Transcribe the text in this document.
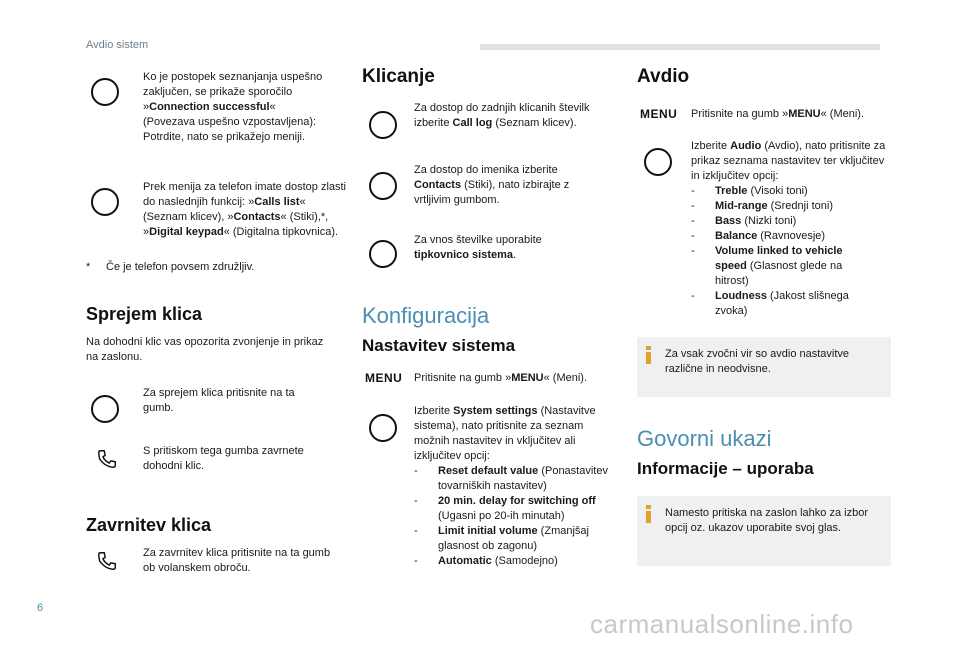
Avdio sistem
Ko je postopek seznanjanja uspešno
zaključen, se prikaže sporočilo
»Connection successful«
(Povezava uspešno vzpostavljena):
Potrdite, nato se prikažejo meniji.
Prek menija za telefon imate dostop zlasti do naslednjih funkcij: »Calls list« (Seznam klicev), »Contacts« (Stiki),*, »Digital keypad« (Digitalna tipkovnica).
* Če je telefon povsem združljiv.
Sprejem klica
Na dohodni klic vas opozorita zvonjenje in prikaz na zaslonu.
Za sprejem klica pritisnite na ta gumb.
S pritiskom tega gumba zavrnete dohodni klic.
Zavrnitev klica
Za zavrnitev klica pritisnite na ta gumb ob volanskem obroču.
Klicanje
Za dostop do zadnjih klicanih številk izberite Call log (Seznam klicev).
Za dostop do imenika izberite Contacts (Stiki), nato izbirajte z vrtljivim gumbom.
Za vnos številke uporabite tipkovnico sistema.
Konfiguracija
Nastavitev sistema
MENU Pritisnite na gumb »MENU« (Meni).
Izberite System settings (Nastavitve sistema), nato pritisnite za seznam možnih nastavitev in vključitev ali izključitev opcij:
- Reset default value (Ponastavitev tovarniških nastavitev)
- 20 min. delay for switching off (Ugasni po 20-ih minutah)
- Limit initial volume (Zmanjšaj glasnost ob zagonu)
- Automatic (Samodejno)
Avdio
MENU Pritisnite na gumb »MENU« (Meni).
Izberite Audio (Avdio), nato pritisnite za prikaz seznama nastavitev ter vključitev in izključitev opcij:
- Treble (Visoki toni)
- Mid-range (Srednji toni)
- Bass (Nizki toni)
- Balance (Ravnovesje)
- Volume linked to vehicle speed (Glasnost glede na hitrost)
- Loudness (Jakost slišnega zvoka)
Za vsak zvočni vir so avdio nastavitve različne in neodvisne.
Govorni ukazi
Informacije – uporaba
Namesto pritiska na zaslon lahko za izbor opcij oz. ukazov uporabite svoj glas.
6
carmanualsonline.info
